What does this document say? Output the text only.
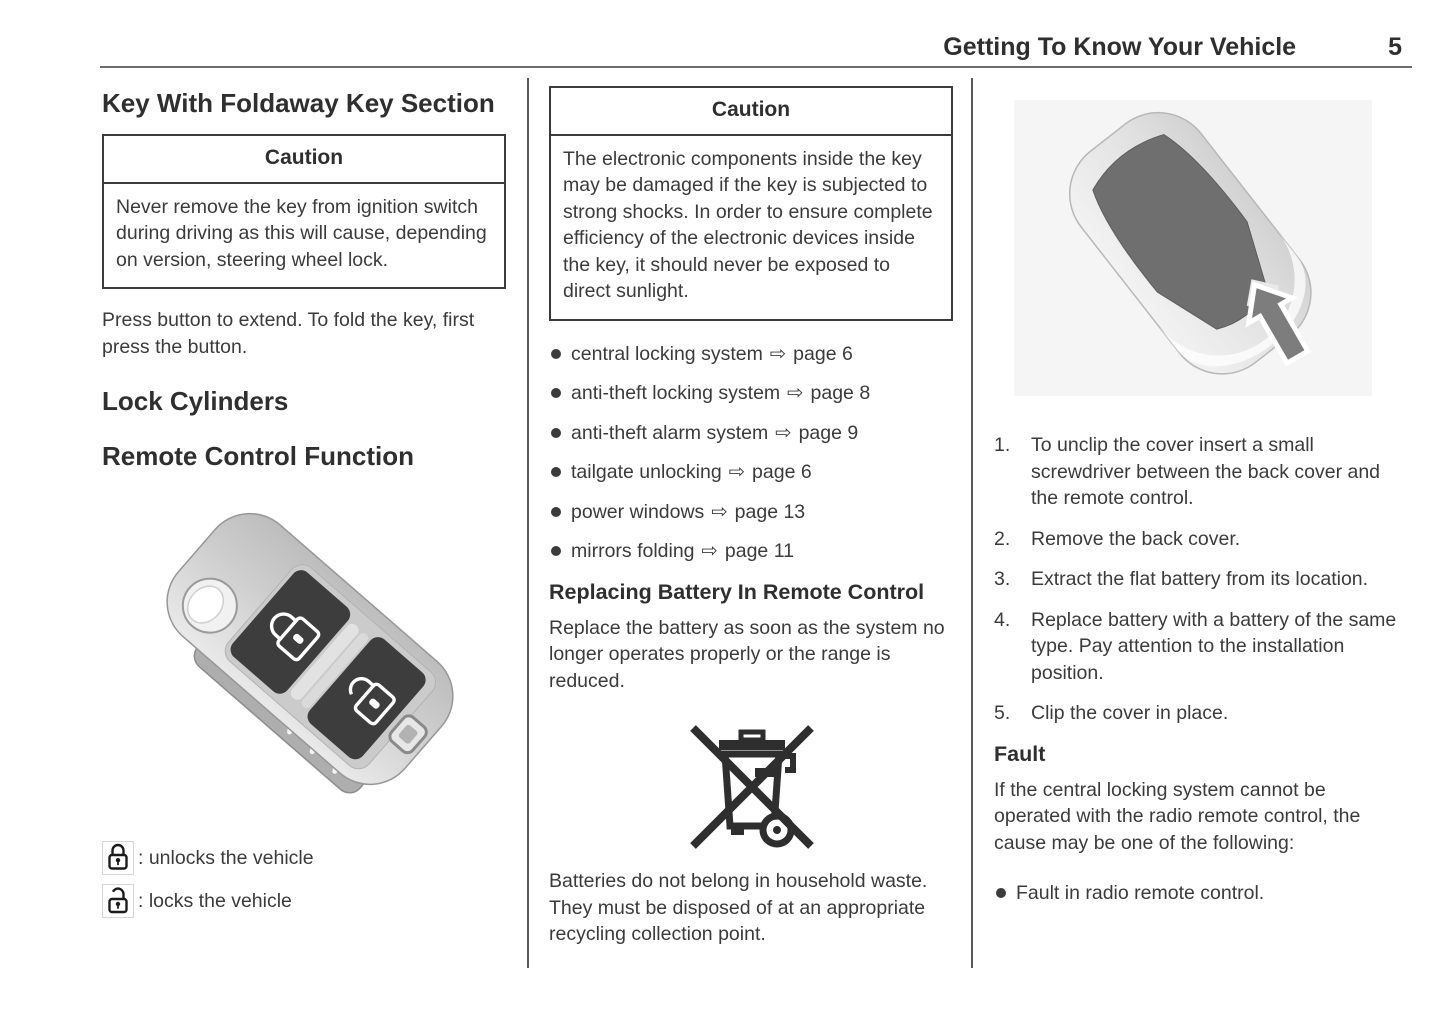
Getting To Know Your Vehicle	5
Key With Foldaway Key Section
Caution
Never remove the key from ignition switch during driving as this will cause, depending on version, steering wheel lock.

Press button to extend. To fold the key, first press the button.

Lock Cylinders
Remote Control Function
: unlocks the vehicle
: locks the vehicle
Caution
The electronic components inside the key may be damaged if the key is subjected to strong shocks. In order to ensure complete efficiency of the electronic devices inside the key, it should never be exposed to direct sunlight.
central locking system ⇨ page 6
anti-theft locking system ⇨ page 8
anti-theft alarm system ⇨ page 9
tailgate unlocking ⇨ page 6
power windows ⇨ page 13
mirrors folding ⇨ page 11
Replacing Battery In Remote Control

Replace the battery as soon as the system no longer operates properly or the range is reduced.

Batteries do not belong in household waste. They must be disposed of at an appropriate recycling collection point.

1.	To unclip the cover insert a small screwdriver between the back cover and the remote control.
2.	Remove the back cover.
3.	Extract the flat battery from its location.
4.	Replace battery with a battery of the same type. Pay attention to the installation position.
5.	Clip the cover in place.
Fault

If the central locking system cannot be operated with the radio remote control, the cause may be one of the following:

Fault in radio remote control.
